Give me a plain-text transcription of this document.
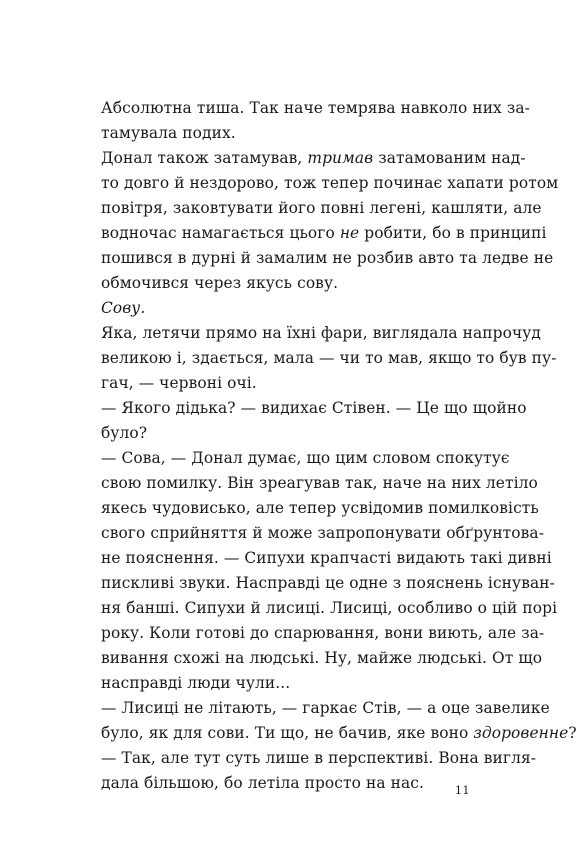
Абсолютна тиша. Так наче темрява навколо них за-
тамувала подих.
Донал також затамував, тримав затамованим над-
то довго й нездорово, тож тепер починає хапати ротом
повітря, заковтувати його повні легені, кашляти, але
водночас намагається цього не робити, бо в принципі
пошився в дурні й замалим не розбив авто та ледве не
обмочився через якусь сову.
Сову.
Яка, летячи прямо на їхні фари, виглядала напрочуд
великою і, здається, мала — чи то мав, якщо то був пу-
гач, — червоні очі.
— Якого дідька? — видихає Стівен. — Це що щойно
було?
— Сова, — Донал думає, що цим словом спокутує
свою помилку. Він зреагував так, наче на них летіло
якесь чудовисько, але тепер усвідомив помилковість
свого сприйняття й може запропонувати обґрунтова-
не пояснення. — Сипухи крапчасті видають такі дивні
пискливі звуки. Насправді це одне з пояснень існуван-
ня банші. Сипухи й лисиці. Лисиці, особливо о цій порі
року. Коли готові до спарювання, вони виють, але за-
вивання схожі на людські. Ну, майже людські. От що
насправді люди чули...
— Лисиці не літають, — гаркає Стів, — а оце завелике
було, як для сови. Ти що, не бачив, яке воно здоровенне?
— Так, але тут суть лише в перспективі. Вона вигля-
дала більшою, бо летіла просто на нас.	11
